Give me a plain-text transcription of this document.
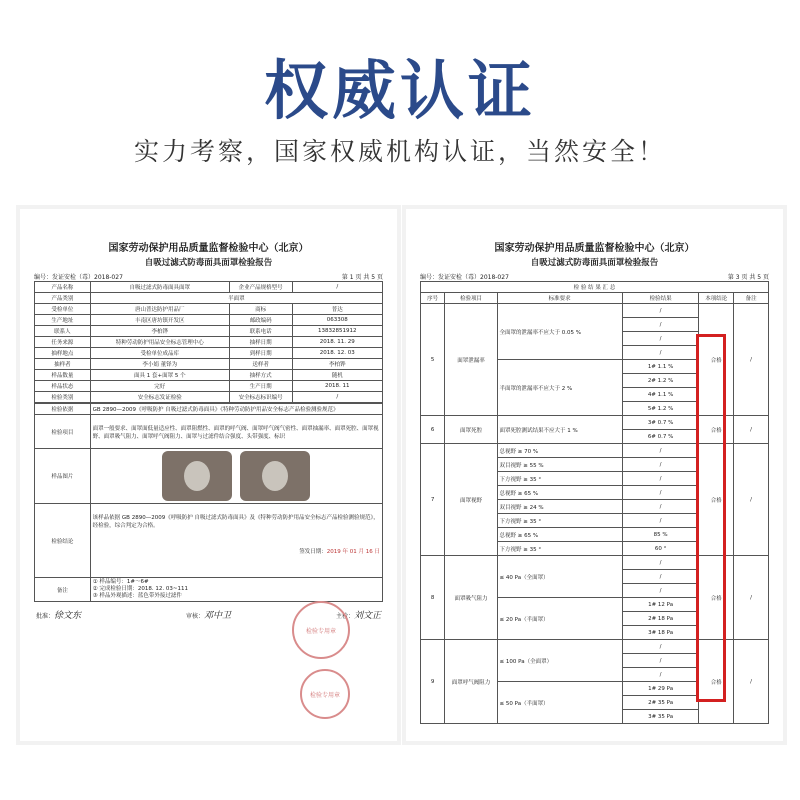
权威认证
实力考察，国家权威机构认证，当然安全！
国家劳动保护用品质量监督检验中心（北京）
自吸过滤式防毒面具面罩检验报告
编号：发证安检（毒）2018-027	第 1 页 共 5 页
产品名称	自吸过滤式防毒面具面罩	企业产品规格型号	/
产品类别	半面罩		
受检单位	唐山普达防护用品厂	商标	普达
生产地址	丰南区唐坊镇开发区	邮政编码	063308
联系人	李柏铧	联系电话	13832851912
任务来源	特种劳动防护用品安全标志管理中心	抽样日期	2018. 11. 29
抽样地点	受检单位成品库	到样日期	2018. 12. 03
抽样者	李小娟 董铎为	送样者	李柏铧
样品数量	面具 1 套+面罩 5 个	抽样方式	随机
样品状态	完好	生产日期	2018. 11
检验类别	安全标志发证检验	安全标志标识编号	/
检验依据	GB 2890—2009《呼吸防护 自吸过滤式防毒面具》《特种劳动防护用品安全标志产品检验测验规范》
检验项目	面罩一般要求、面罩面低量适应性、面罩阻燃性、面罩的呼气阀、面罩呼气阀气密性、面罩抽漏率、面罩死腔、面罩视野、面罩吸气阻力、面罩呼气阀阻力、面罩与过滤件结合强度、头带强度、标识
样品图片	

检验结论	该样品依据 GB 2890—2009《呼吸防护 自吸过滤式防毒面具》及《特种劳动防护用品安全标志产品检验测验规范》，经检验，综合判定为合格。
签发日期：2019 年 01 月 16 日

备注	① 样品编号：1#～6#
② 完成检验日期：2018. 12. 03~111
③ 样品外观描述：蓝色带外接过滤件
批准：徐文东	审核：邓中卫	主检：刘文正
检验专用章
检验专用章
国家劳动保护用品质量监督检验中心（北京）
自吸过滤式防毒面具面罩检验报告
编号：发证安检（毒）2018-027	第 3 页 共 5 页
检 验 结 果 汇 总					
序号	检验项目	标准要求	检验结果	本项结论	备注
5	面罩泄漏率	全面罩的泄漏率不应大于 0.05 %	/	合格	/
			/		
			/		
			/		
		半面罩的泄漏率不应大于 2 %	1# 1.1 %		
			2# 1.2 %		
			4# 1.1 %		
			5# 1.2 %		
6	面罩死腔	面罩死腔测试结果不应大于 1 %	3# 0.7 %	合格	/
			6# 0.7 %		
7	面罩视野	总视野 ≥ 70 %	/	合格	/
		双目视野 ≥ 55 %	/		
		下方视野 ≥ 35 °	/		
		总视野 ≥ 65 %	/		
		双目视野 ≥ 24 %	/		
		下方视野 ≥ 35 °	/		
		总视野 ≥ 65 %	85 %		
		下方视野 ≥ 35 °	60 °		
8	面罩吸气阻力	≤ 40 Pa（全面罩）	/	合格	/
			/		
			/		
		≤ 20 Pa（半面罩）	1# 12 Pa		
			2# 18 Pa		
			3# 18 Pa		
9	面罩呼气阀阻力	≤ 100 Pa（全面罩）	/	合格	/
			/		
			/		
		≤ 50 Pa（半面罩）	1# 29 Pa		
			2# 35 Pa		
			3# 35 Pa		
